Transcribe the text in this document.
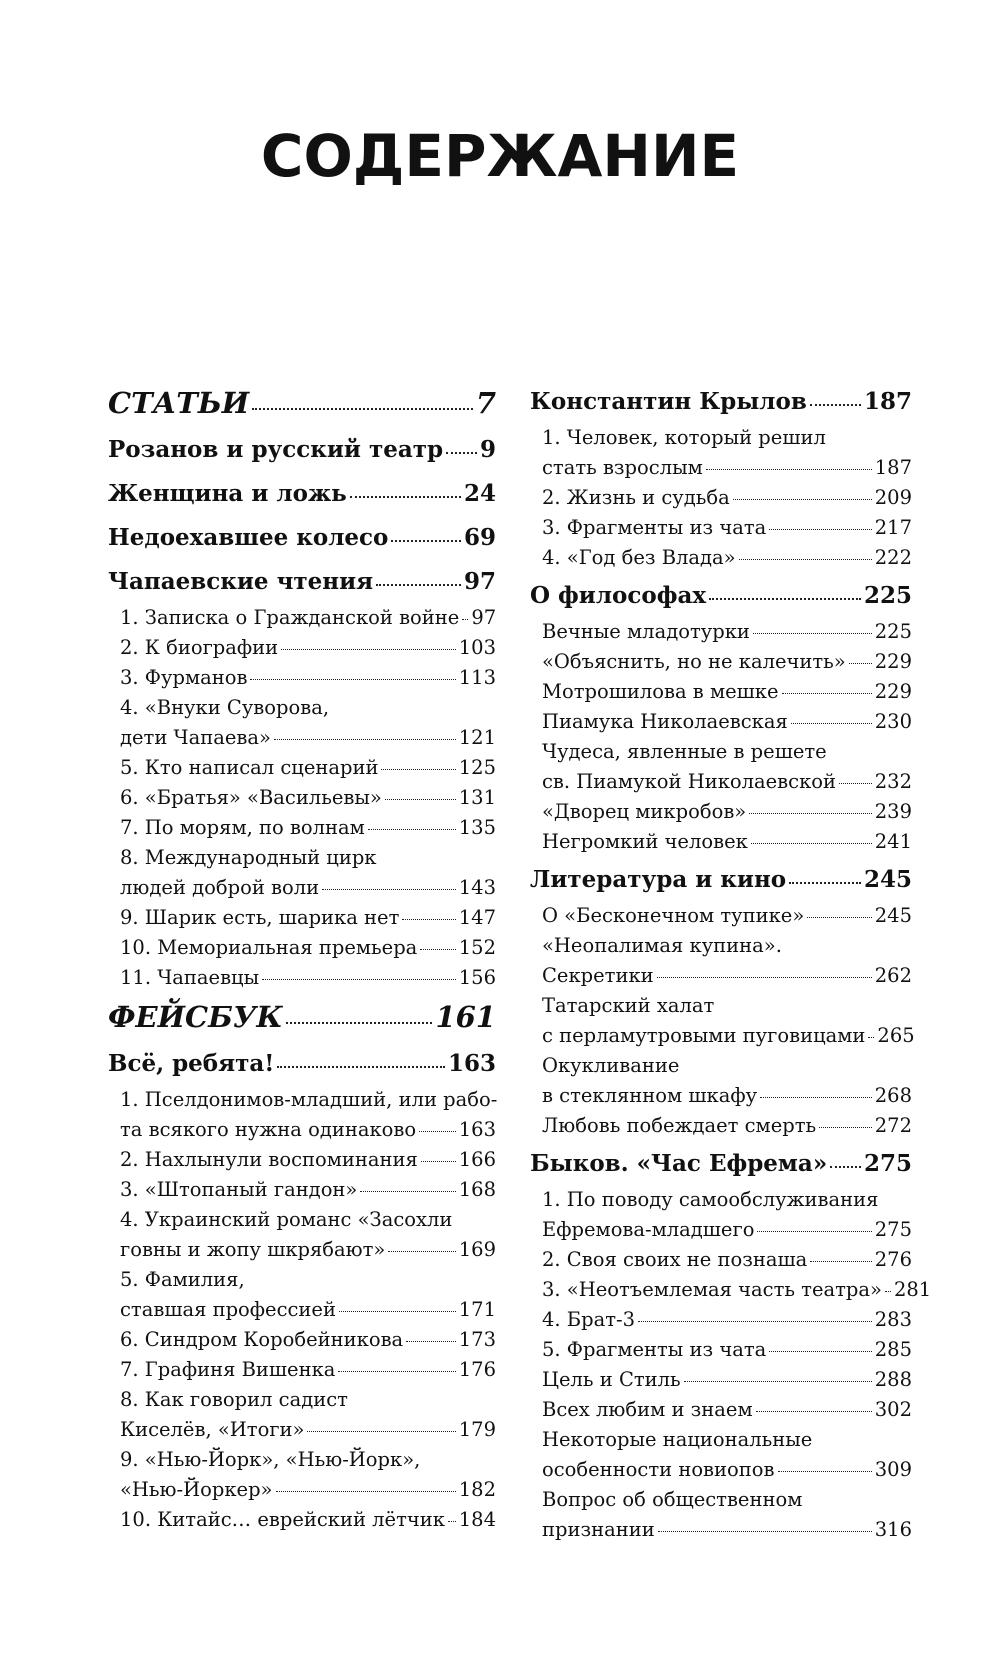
СОДЕРЖАНИЕ
СТАТЬИ	7
Розанов и русский театр 9
Женщина и ложь	24
Недоехавшее колесо	69
Чапаевские чтения	97
1. Записка о Гражданской войне 97
2. К биографии	103
3. Фурманов	113
4. «Внуки Суворова,
дети Чапаева»	121
5. Кто написал сценарий	125
6. «Братья» «Васильевы»	131
7. По морям, по волнам	135
8. Международный цирк
людей доброй воли	143
9. Шарик есть, шарика нет	147
10. Мемориальная премьера 152
11. Чапаевцы	156
ФЕЙСБУК	161
Всё, ребята!	163
1. Пселдонимов-младший, или рабо-
та всякого нужна одинаково 163
2. Нахлынули воспоминания 166
3. «Штопаный гандон»	168
4. Украинский романс «Засохли
говны и жопу шкрябают»	169
5. Фамилия,
ставшая профессией	171
6. Синдром Коробейникова	173
7. Графиня Вишенка	176
8. Как говорил садист
Киселёв, «Итоги»	179
9. «Нью-Йорк», «Нью-Йорк»,
«Нью-Йоркер»	182
10. Китайс… еврейский лётчик 184
Константин Крылов 187
1. Человек, который решил
стать взрослым	187
2. Жизнь и судьба	209
3. Фрагменты из чата	217
4. «Год без Влада»	222
О философах	225
Вечные младотурки	225
«Объяснить, но не калечить» 229
Мотрошилова в мешке	229
Пиамука Николаевская	230
Чудеса, явленные в решете
св. Пиамукой Николаевской 232
«Дворец микробов»	239
Негромкий человек	241
Литература и кино	245
О «Бесконечном тупике»	245
«Неопалимая купина».
Секретики	262
Татарский халат
с перламутровыми пуговицами 265
Окукливание
в стеклянном шкафу	268
Любовь побеждает смерть	272
Быков. «Час Ефрема» 275
1. По поводу самообслуживания
Ефремова-младшего	275
2. Своя своих не познаша	276
3. «Неотъемлемая часть театра» 281
4. Брат-3	283
5. Фрагменты из чата	285
Цель и Стиль	288
Всех любим и знаем	302
Некоторые национальные
особенности новиопов	309
Вопрос об общественном
признании	316
